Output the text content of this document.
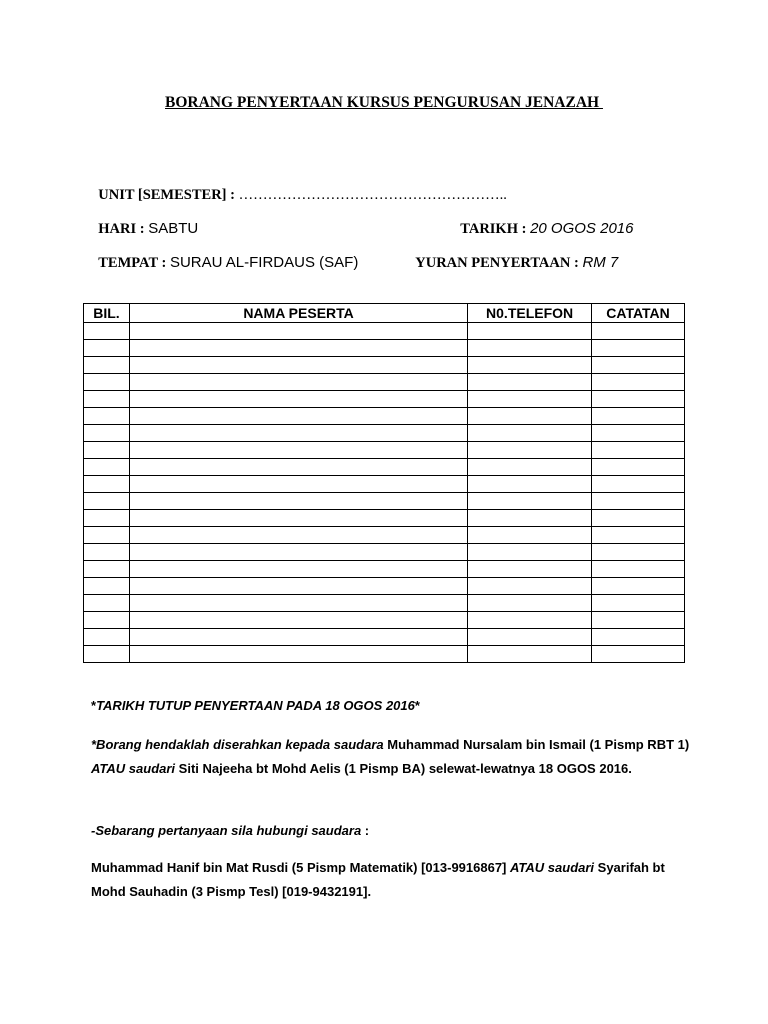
BORANG PENYERTAAN KURSUS PENGURUSAN JENAZAH

UNIT [SEMESTER] : ………………………………………………..

HARI : SABTU	TARIKH : 20 OGOS 2016

TEMPAT : SURAU AL-FIRDAUS (SAF)	YURAN PENYERTAAN : RM 7

BIL.	NAMA PESERTA	N0.TELEFON	CATATAN

*TARIKH TUTUP PENYERTAAN PADA 18 OGOS 2016*
*Borang hendaklah diserahkan kepada saudara Muhammad Nursalam bin Ismail (1 Pismp RBT 1) ATAU saudari Siti Najeeha bt Mohd Aelis (1 Pismp BA) selewat-lewatnya 18 OGOS 2016.
-Sebarang pertanyaan sila hubungi saudara :
Muhammad Hanif bin Mat Rusdi (5 Pismp Matematik) [013-9916867] ATAU saudari Syarifah bt Mohd Sauhadin (3 Pismp Tesl) [019-9432191].
